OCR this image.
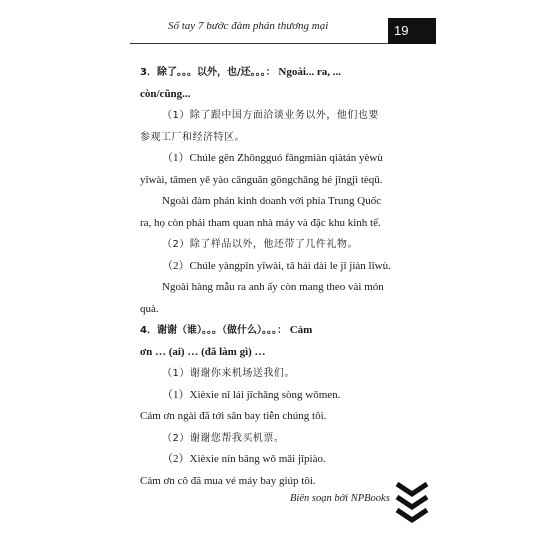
Sổ tay 7 bước đàm phán thương mại	19

3．除了。。。以外，也/还。。。： Ngoài... ra, ...

còn/cũng...

（1）除了跟中国方面洽谈业务以外，他们也要

参观工厂和经济特区。

（1）Chúle gēn Zhōngguó fāngmiàn qiàtán yèwù

yǐwài, tāmen yě yào cānguān gōngchǎng hé jīngjì tèqū.

Ngoài đàm phán kinh doanh với phía Trung Quốc

ra, họ còn phải tham quan nhà máy và đặc khu kinh tế.

（2）除了样品以外，他还带了几件礼物。

（2）Chúle yàngpǐn yǐwài, tā hái dài le jǐ jiàn lǐwù.

Ngoài hàng mẫu ra anh ấy còn mang theo vài món

quà.

4．谢谢（谁）。。。（做什么）。。。： Cảm

ơn … (ai) … (đã làm gì) …

（1）谢谢你来机场送我们。

（1）Xièxie nǐ lái jīchǎng sòng wǒmen.

Cảm ơn ngài đã tới sân bay tiễn chúng tôi.

（2）谢谢您帮我买机票。

（2）Xièxie nín bāng wǒ mǎi jīpiào.

Cảm ơn cô đã mua vé máy bay giúp tôi.

Biên soạn bởi NPBooks
